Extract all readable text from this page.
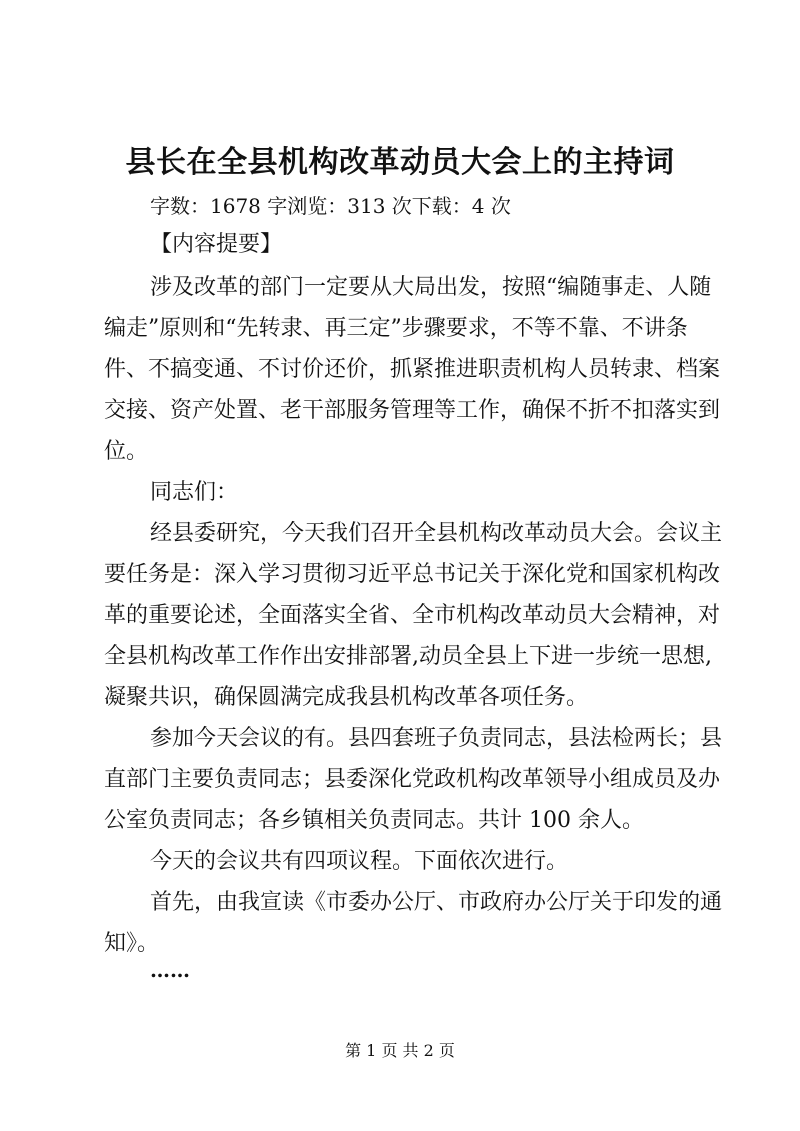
县长在全县机构改革动员大会上的主持词
字数：1678 字浏览：313 次下载：4 次
【内容提要】
涉及改革的部门一定要从大局出发，按照“编随事走、人随
编走”原则和“先转隶、再三定”步骤要求，不等不靠、不讲条
件、不搞变通、不讨价还价，抓紧推进职责机构人员转隶、档案
交接、资产处置、老干部服务管理等工作，确保不折不扣落实到
位。
同志们：
经县委研究，今天我们召开全县机构改革动员大会。会议主
要任务是：深入学习贯彻习近平总书记关于深化党和国家机构改
革的重要论述，全面落实全省、全市机构改革动员大会精神，对
全县机构改革工作作出安排部署,动员全县上下进一步统一思想,
凝聚共识，确保圆满完成我县机构改革各项任务。
参加今天会议的有。县四套班子负责同志，县法检两长；县
直部门主要负责同志；县委深化党政机构改革领导小组成员及办
公室负责同志；各乡镇相关负责同志。共计 100 余人。
今天的会议共有四项议程。下面依次进行。
首先，由我宣读《市委办公厅、市政府办公厅关于印发的通
知》。
……
第 1 页 共 2 页
